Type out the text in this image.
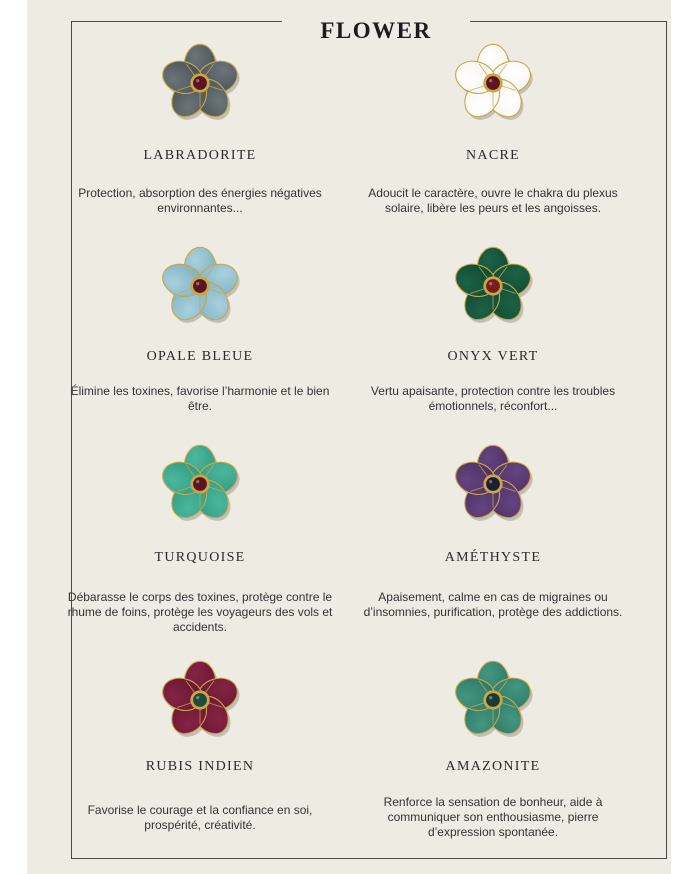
FLOWER
LABRADORITE
Protection, absorption des énergies négatives environnantes...
NACRE
Adoucit le caractère, ouvre le chakra du plexus solaire, libère les peurs et les angoisses.
OPALE BLEUE
Élimine les toxines, favorise l’harmonie et le bien être.
ONYX VERT
Vertu apaisante, protection contre les troubles émotionnels, réconfort...
TURQUOISE
Débarasse le corps des toxines, protège contre le rhume de foins, protège les voyageurs des vols et accidents.
AMÉTHYSTE
Apaisement, calme en cas de migraines ou d’insomnies, purification, protège des addictions.
RUBIS INDIEN
Favorise le courage et la confiance en soi, prospérité, créativité.
AMAZONITE
Renforce la sensation de bonheur, aide à communiquer son enthousiasme, pierre d’expression spontanée.
